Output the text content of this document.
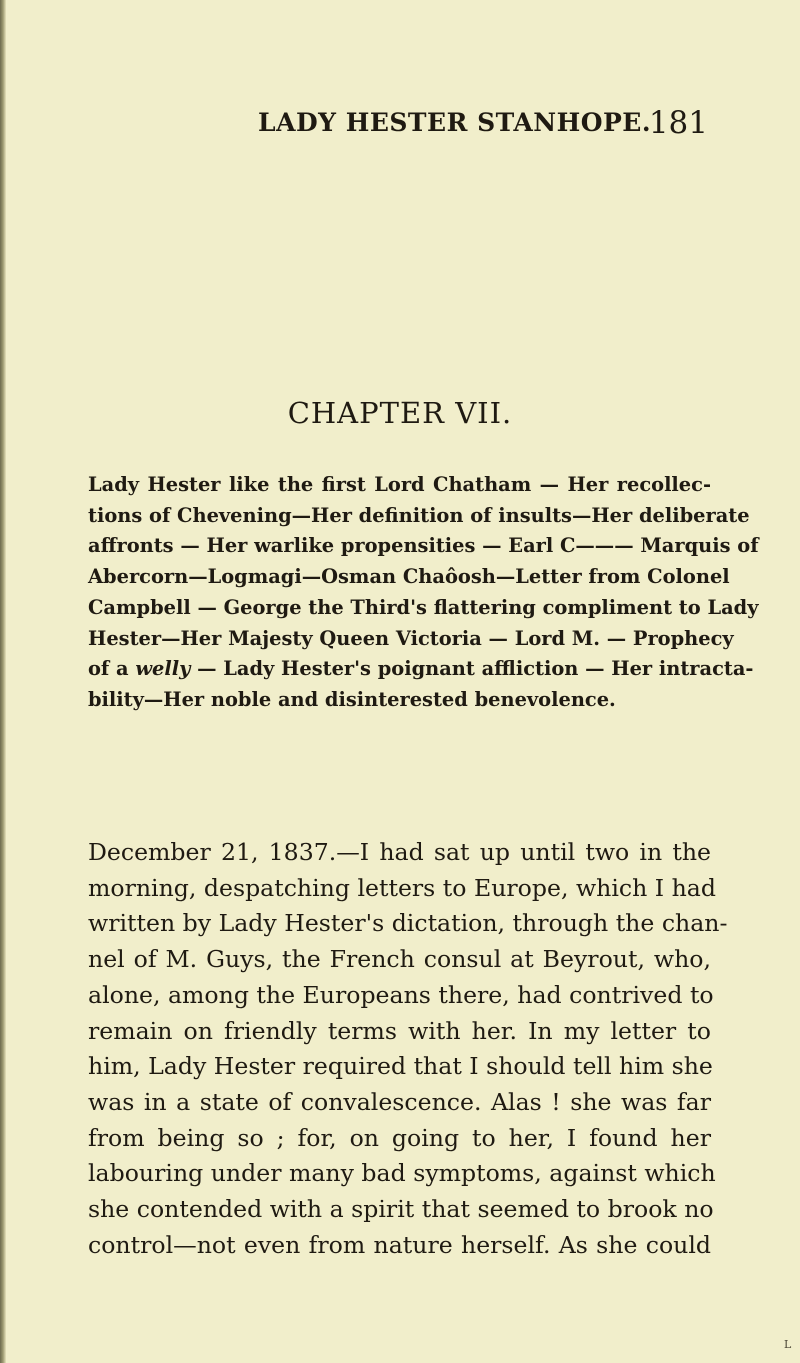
LADY HESTER STANHOPE.
181
CHAPTER VII.

Lady Hester like the first Lord Chatham — Her recollec-
tions of Chevening—Her definition of insults—Her deliberate
affronts — Her warlike propensities — Earl C——— Marquis of
Abercorn—Logmagi—Osman Chaôosh—Letter from Colonel
Campbell — George the Third's flattering compliment to Lady
Hester—Her Majesty Queen Victoria — Lord M. — Prophecy
of a welly — Lady Hester's poignant affliction — Her intracta-
bility—Her noble and disinterested benevolence.

December 21, 1837.—I had sat up until two in the
morning, despatching letters to Europe, which I had
written by Lady Hester's dictation, through the chan-
nel of M. Guys, the French consul at Beyrout, who,
alone, among the Europeans there, had contrived to
remain on friendly terms with her. In my letter to
him, Lady Hester required that I should tell him she
was in a state of convalescence. Alas ! she was far
from being so ; for, on going to her, I found her
labouring under many bad symptoms, against which
she contended with a spirit that seemed to brook no
control—not even from nature herself. As she could

L
